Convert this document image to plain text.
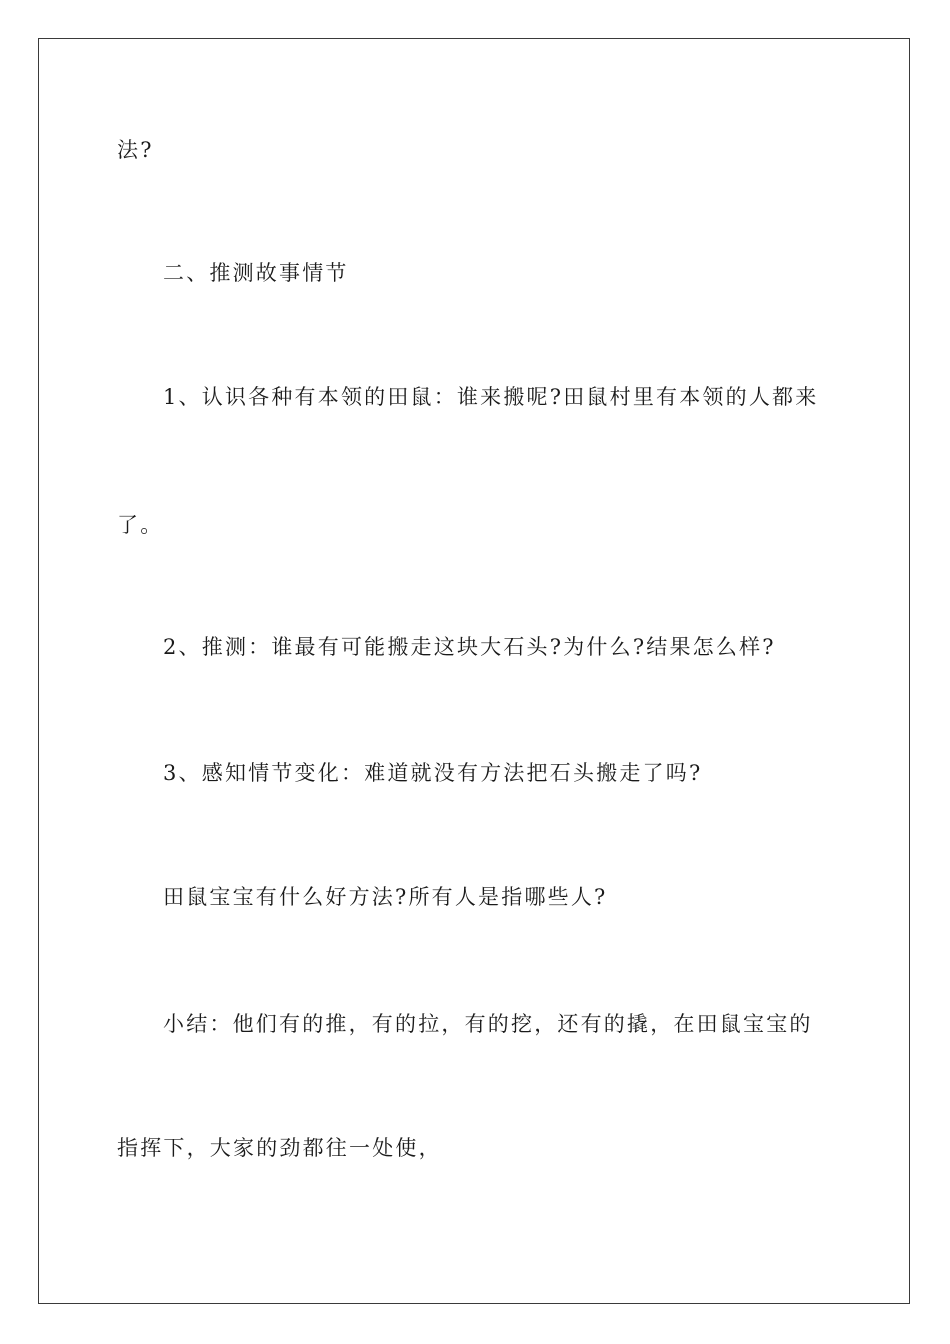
法?
二、推测故事情节
1、认识各种有本领的田鼠：谁来搬呢?田鼠村里有本领的人都来
了。
2、推测：谁最有可能搬走这块大石头?为什么?结果怎么样?
3、感知情节变化：难道就没有方法把石头搬走了吗?
田鼠宝宝有什么好方法?所有人是指哪些人?
小结：他们有的推，有的拉，有的挖，还有的撬，在田鼠宝宝的
指挥下，大家的劲都往一处使，
